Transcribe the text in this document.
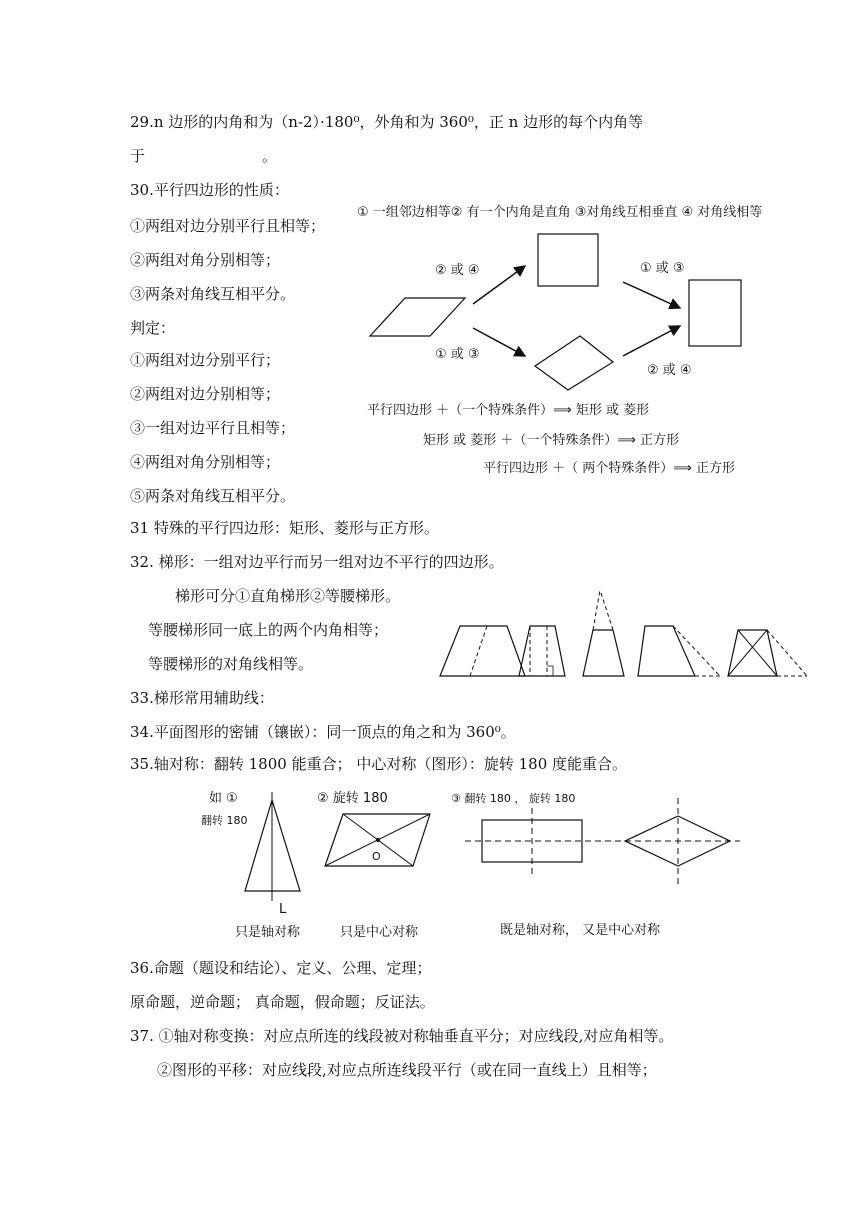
29.n 边形的内角和为（n-2）·180⁰，外角和为 360⁰，正 n 边形的每个内角等
于	。
30.平行四边形的性质：
①两组对边分别平行且相等；
②两组对角分别相等；
③两条对角线互相平分。
判定：
①两组对边分别平行；
②两组对边分别相等；
③一组对边平行且相等；
④两组对角分别相等；
⑤两条对角线互相平分。
31 特殊的平行四边形：矩形、菱形与正方形。
32. 梯形：一组对边平行而另一组对边不平行的四边形。
梯形可分①直角梯形②等腰梯形。
等腰梯形同一底上的两个内角相等；
等腰梯形的对角线相等。
33.梯形常用辅助线：
34.平面图形的密铺（镶嵌）：同一顶点的角之和为 360⁰。
35.轴对称：翻转 1800 能重合； 中心对称（图形）：旋转 180 度能重合。
36.命题（题设和结论）、定义、公理、定理；
原命题，逆命题； 真命题，假命题；反证法。
37. ①轴对称变换：对应点所连的线段被对称轴垂直平分；对应线段,对应角相等。
②图形的平移：对应线段,对应点所连线段平行（或在同一直线上）且相等；
① 一组邻边相等② 有一个内角是直角 ③对角线互相垂直 ④ 对角线相等
② 或 ④
① 或 ③
① 或 ③
② 或 ④
平行四边形 ＋（一个特殊条件）⟹ 矩形 或 菱形
矩形 或 菱形 ＋（一个特殊条件）⟹ 正方形
平行四边形 ＋（ 两个特殊条件）⟹ 正方形
如 ①
翻转 180
L
② 旋转 180
O
③ 翻转 180 ， 旋转 180
只是轴对称	只是中心对称	既是轴对称， 又是中心对称
